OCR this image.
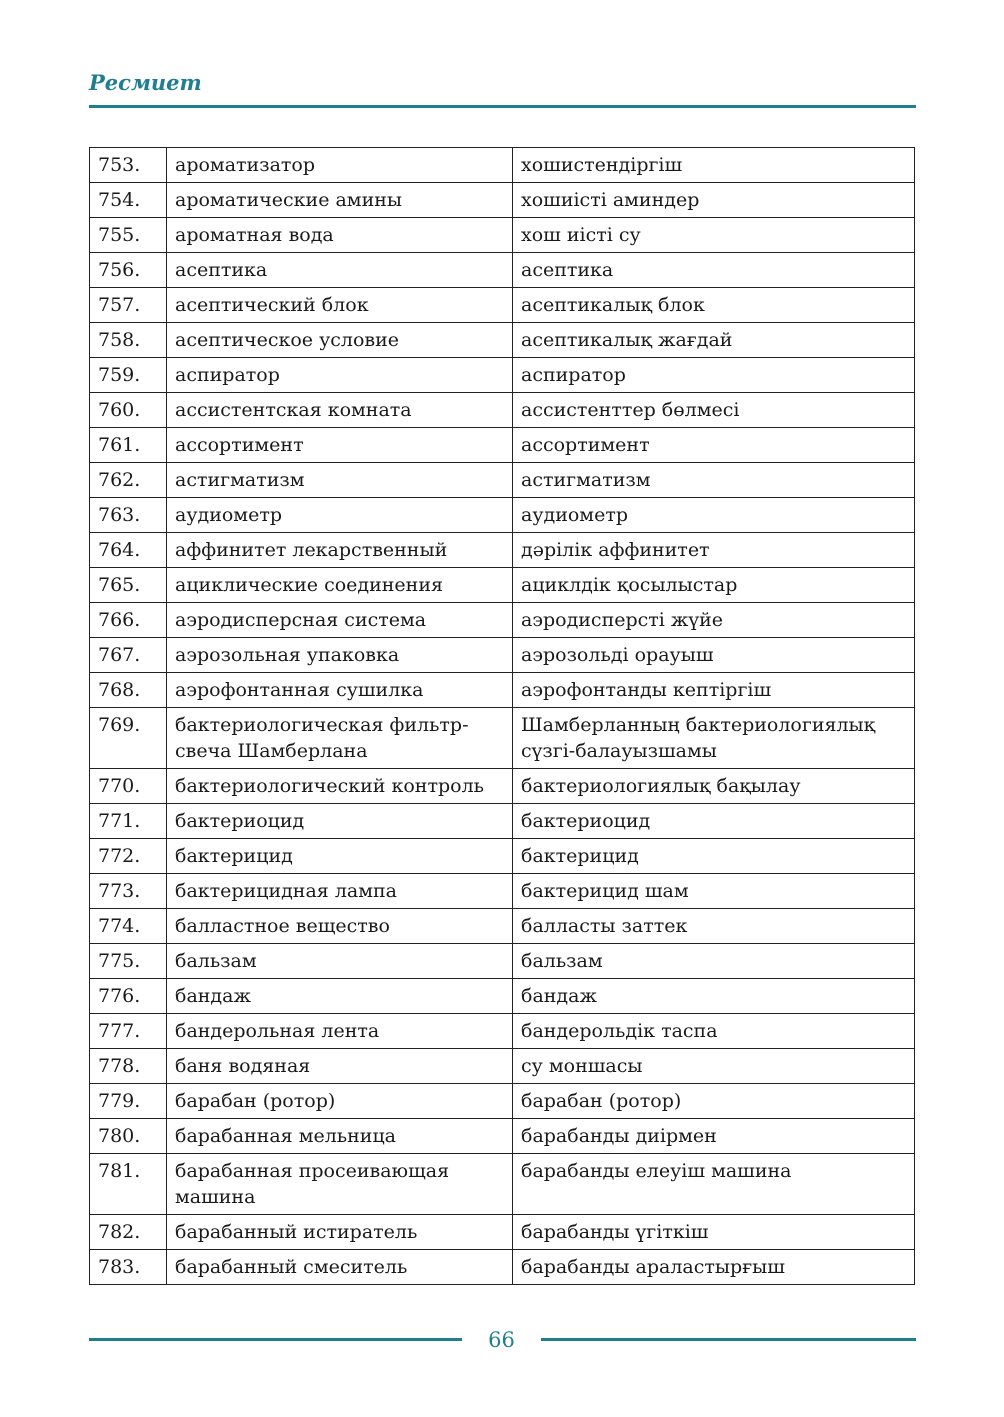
Ресмиет
753.	ароматизатор	хошистендіргіш
754.	ароматические амины	хошиісті аминдер
755.	ароматная вода	хош иісті су
756.	асептика	асептика
757.	асептический блок	асептикалық блок
758.	асептическое условие	асептикалық жағдай
759.	аспиратор	аспиратор
760.	ассистентская комната	ассистенттер бөлмесі
761.	ассортимент	ассортимент
762.	астигматизм	астигматизм
763.	аудиометр	аудиометр
764.	аффинитет лекарственный	дәрілік аффинитет
765.	ациклические соединения	ациклдік қосылыстар
766.	аэродисперсная система	аэродисперсті жүйе
767.	аэрозольная упаковка	аэрозольді орауыш
768.	аэрофонтанная сушилка	аэрофонтанды кептіргіш
769.	бактериологическая фильтр-свеча Шамберлана	Шамберланның бактериологиялық сүзгі-балауызшамы
770.	бактериологический контроль	бактериологиялық бақылау
771.	бактериоцид	бактериоцид
772.	бактерицид	бактерицид
773.	бактерицидная лампа	бактерицид шам
774.	балластное вещество	балласты заттек
775.	бальзам	бальзам
776.	бандаж	бандаж
777.	бандерольная лента	бандерольдік таспа
778.	баня водяная	су моншасы
779.	барабан (ротор)	барабан (ротор)
780.	барабанная мельница	барабанды диірмен
781.	барабанная просеивающая машина	барабанды елеуіш машина
782.	барабанный истиратель	барабанды үгіткіш
783.	барабанный смеситель	барабанды араластырғыш
66
